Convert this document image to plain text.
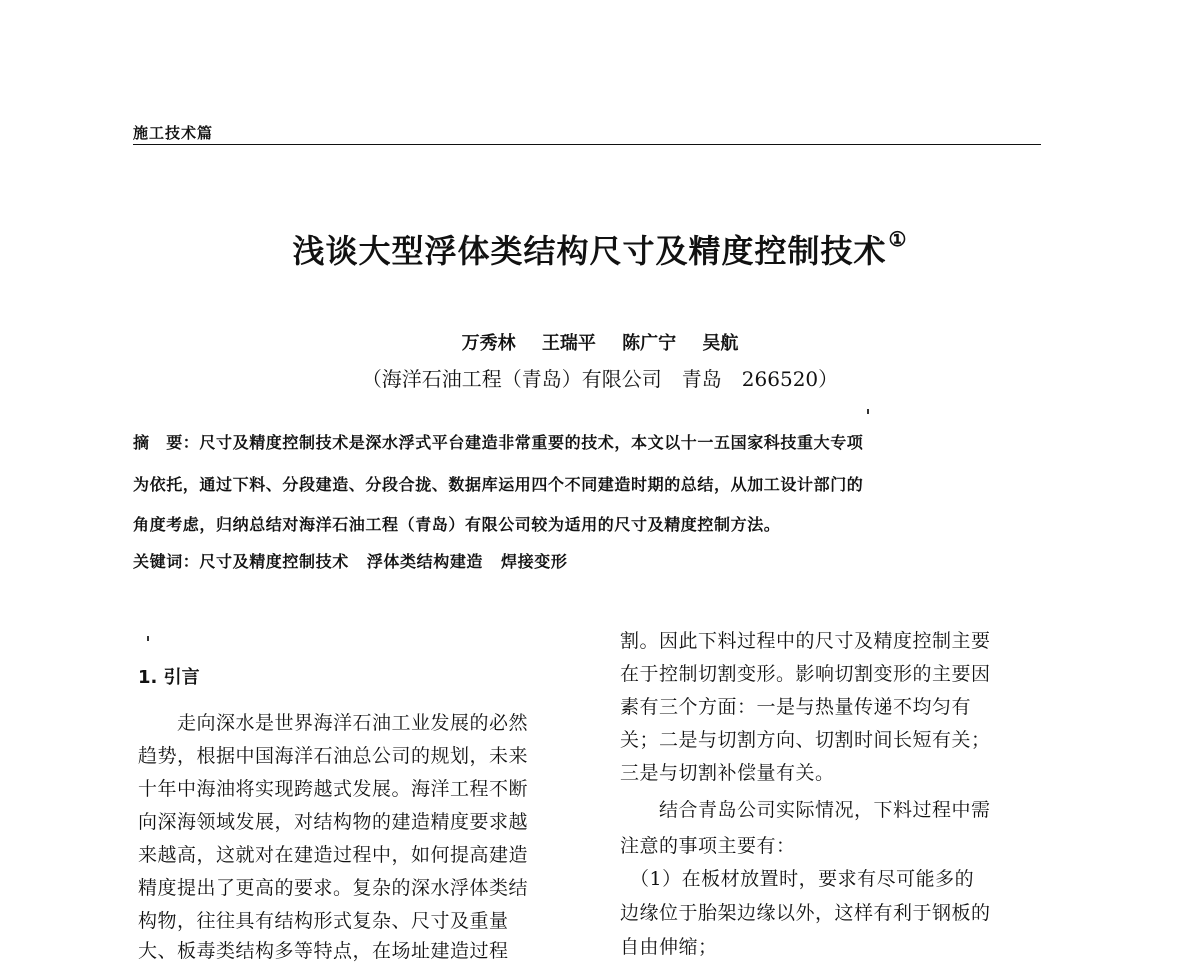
施工技术篇
浅谈大型浮体类结构尺寸及精度控制技术 ①
万秀林 王瑞平 陈广宁 吴航
（海洋石油工程（青岛）有限公司　青岛　266520）
摘　要：尺寸及精度控制技术是深水浮式平台建造非常重要的技术，本文以十一五国家科技重大专项
为依托，通过下料、分段建造、分段合拢、数据库运用四个不同建造时期的总结，从加工设计部门的
角度考虑，归纳总结对海洋石油工程（青岛）有限公司较为适用的尺寸及精度控制方法。
关键词：尺寸及精度控制技术 浮体类结构建造 焊接变形
1. 引言
　　走向深水是世界海洋石油工业发展的必然
趋势，根据中国海洋石油总公司的规划，未来
十年中海油将实现跨越式发展。海洋工程不断
向深海领域发展，对结构物的建造精度要求越
来越高，这就对在建造过程中，如何提高建造
精度提出了更高的要求。复杂的深水浮体类结
构物，往往具有结构形式复杂、尺寸及重量
大、板毒类结构多等特点，在场址建造过程
割。因此下料过程中的尺寸及精度控制主要
在于控制切割变形。影响切割变形的主要因
素有三个方面：一是与热量传递不均匀有
关；二是与切割方向、切割时间长短有关；
三是与切割补偿量有关。
　　结合青岛公司实际情况，下料过程中需
注意的事项主要有：
　（1）在板材放置时，要求有尽可能多的
边缘位于胎架边缘以外，这样有利于钢板的
自由伸缩；
